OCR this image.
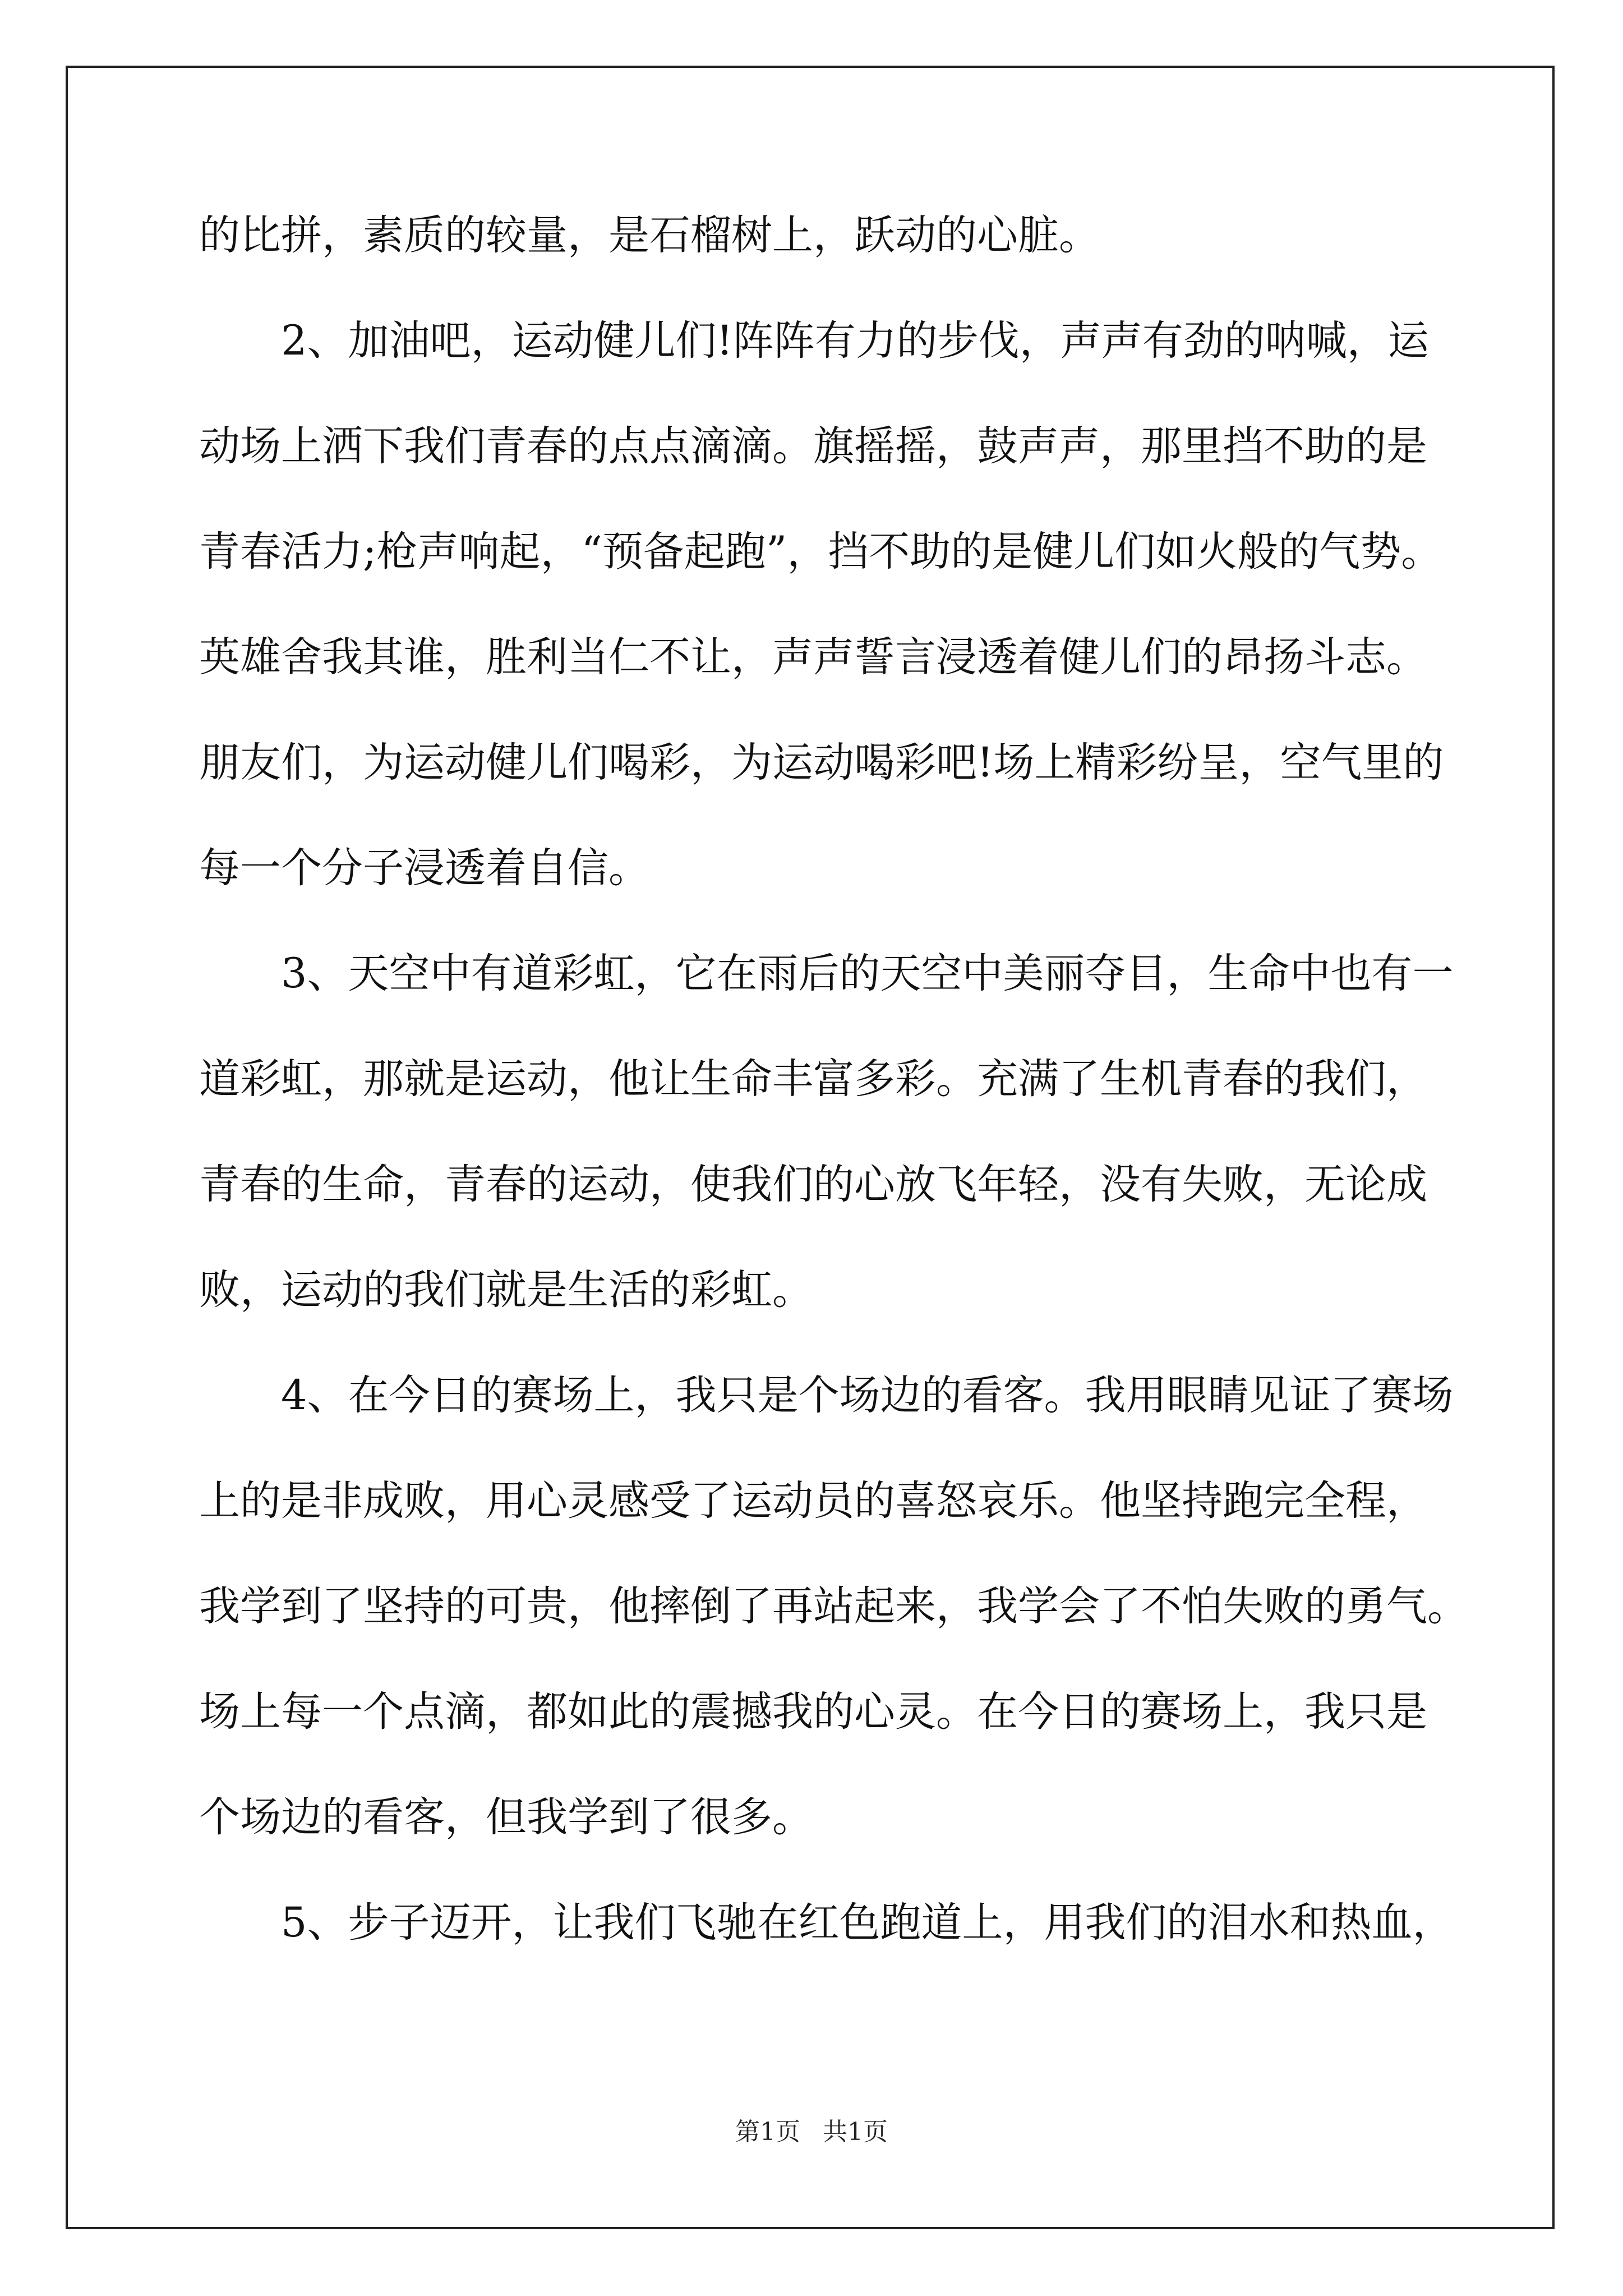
的比拼，素质的较量，是石榴树上，跃动的心脏。
2、加油吧，运动健儿们!阵阵有力的步伐，声声有劲的呐喊，运
动场上洒下我们青春的点点滴滴。旗摇摇，鼓声声，那里挡不助的是
青春活力;枪声响起，“预备起跑”，挡不助的是健儿们如火般的气势。
英雄舍我其谁，胜利当仁不让，声声誓言浸透着健儿们的昂扬斗志。
朋友们，为运动健儿们喝彩，为运动喝彩吧!场上精彩纷呈，空气里的
每一个分子浸透着自信。
3、天空中有道彩虹，它在雨后的天空中美丽夺目，生命中也有一
道彩虹，那就是运动，他让生命丰富多彩。充满了生机青春的我们，
青春的生命，青春的运动，使我们的心放飞年轻，没有失败，无论成
败，运动的我们就是生活的彩虹。
4、在今日的赛场上，我只是个场边的看客。我用眼睛见证了赛场
上的是非成败，用心灵感受了运动员的喜怒哀乐。他坚持跑完全程，
我学到了坚持的可贵，他摔倒了再站起来，我学会了不怕失败的勇气。
场上每一个点滴，都如此的震撼我的心灵。在今日的赛场上，我只是
个场边的看客，但我学到了很多。
5、步子迈开，让我们飞驰在红色跑道上，用我们的泪水和热血，
第1页 共1页
